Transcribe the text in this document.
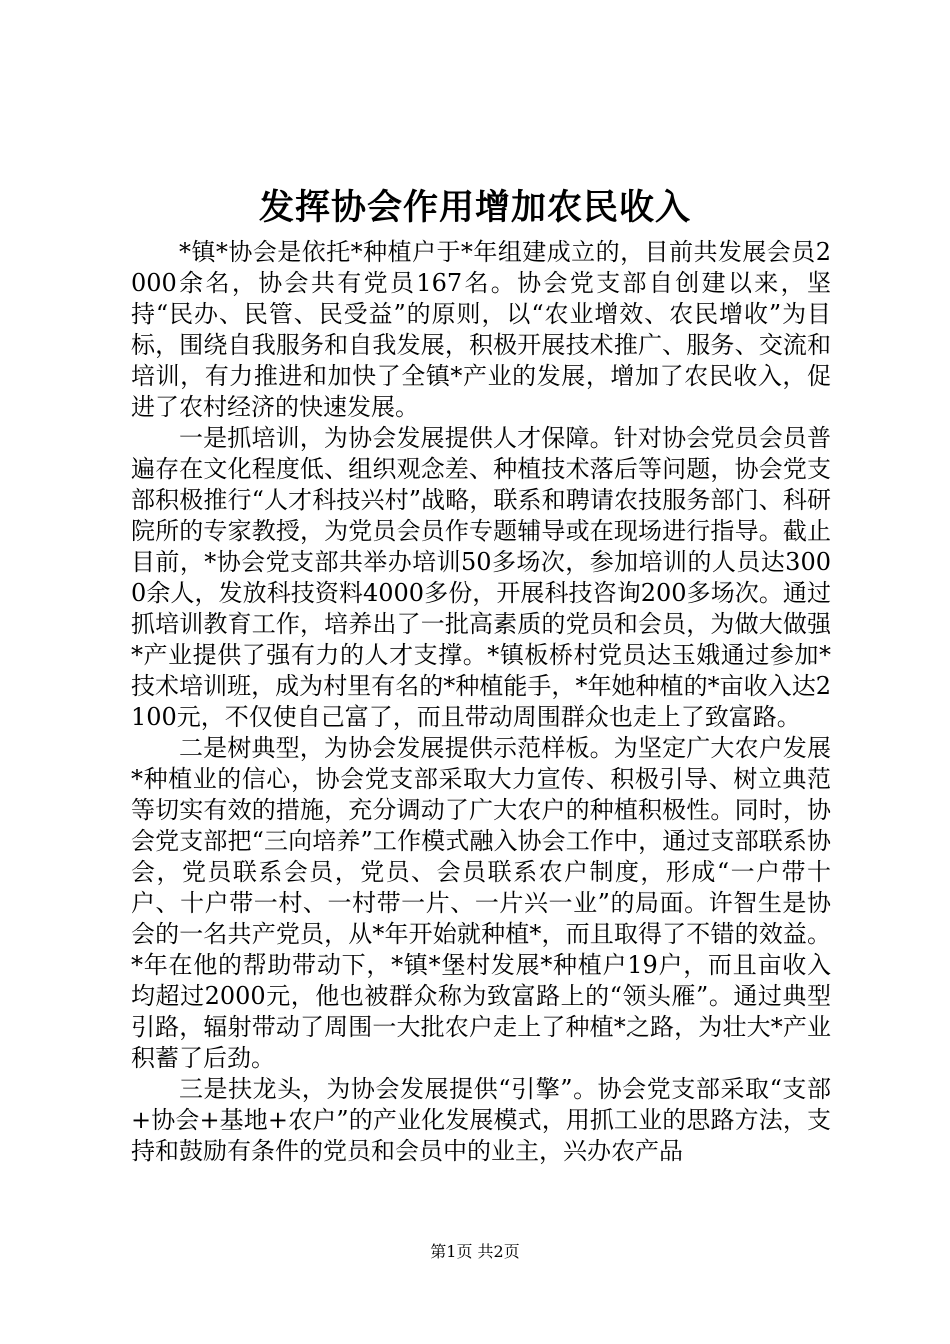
发挥协会作用增加农民收入

*镇*协会是依托*种植户于*年组建成立的，目前共发展会员2000余名，协会共有党员167名。协会党支部自创建以来，坚持“民办、民管、民受益”的原则，以“农业增效、农民增收”为目标，围绕自我服务和自我发展，积极开展技术推广、服务、交流和培训，有力推进和加快了全镇*产业的发展，增加了农民收入，促进了农村经济的快速发展。

一是抓培训，为协会发展提供人才保障。针对协会党员会员普遍存在文化程度低、组织观念差、种植技术落后等问题，协会党支部积极推行“人才科技兴村”战略，联系和聘请农技服务部门、科研院所的专家教授，为党员会员作专题辅导或在现场进行指导。截止目前，*协会党支部共举办培训50多场次，参加培训的人员达3000余人，发放科技资料4000多份，开展科技咨询200多场次。通过抓培训教育工作，培养出了一批高素质的党员和会员，为做大做强*产业提供了强有力的人才支撑。*镇板桥村党员达玉娥通过参加*技术培训班，成为村里有名的*种植能手，*年她种植的*亩收入达2100元，不仅使自己富了，而且带动周围群众也走上了致富路。

二是树典型，为协会发展提供示范样板。为坚定广大农户发展*种植业的信心，协会党支部采取大力宣传、积极引导、树立典范等切实有效的措施，充分调动了广大农户的种植积极性。同时，协会党支部把“三向培养”工作模式融入协会工作中，通过支部联系协会，党员联系会员，党员、会员联系农户制度，形成“一户带十户、十户带一村、一村带一片、一片兴一业”的局面。许智生是协会的一名共产党员，从*年开始就种植*，而且取得了不错的效益。*年在他的帮助带动下，*镇*堡村发展*种植户19户，而且亩收入均超过2000元，他也被群众称为致富路上的“领头雁”。通过典型引路，辐射带动了周围一大批农户走上了种植*之路，为壮大*产业积蓄了后劲。

三是扶龙头，为协会发展提供“引擎”。协会党支部采取“支部+协会+基地+农户”的产业化发展模式，用抓工业的思路方法，支持和鼓励有条件的党员和会员中的业主，兴办农产品

第1页 共2页
